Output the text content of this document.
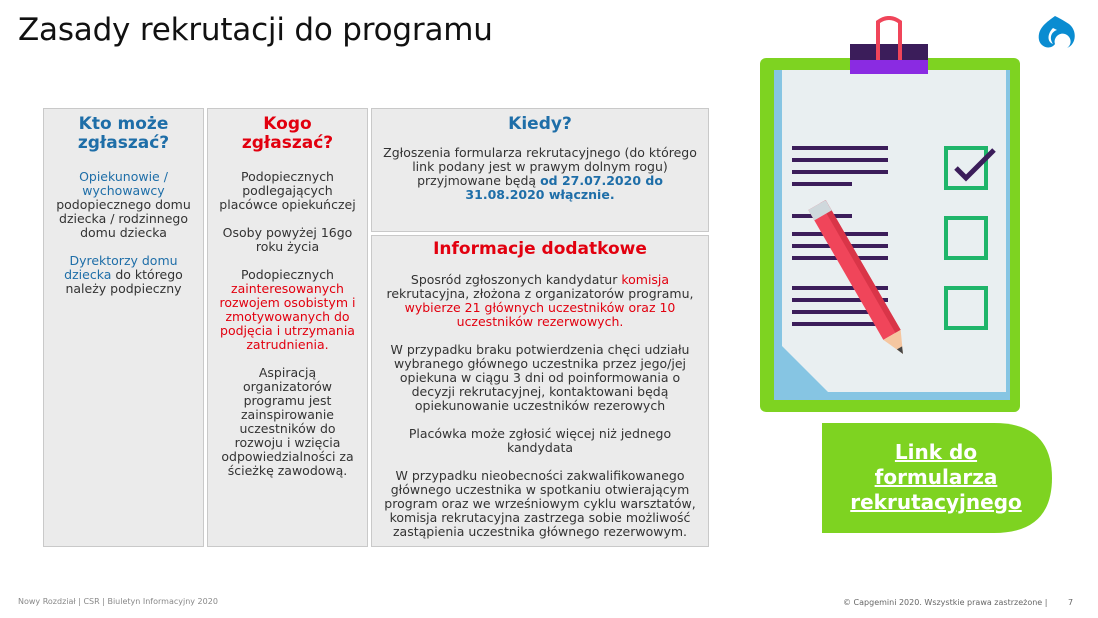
Zasady rekrutacji do programu
Kto może zgłaszać?

Opiekunowie / wychowawcy podopiecznego domu dziecka / rodzinnego domu dziecka

Dyrektorzy domu dziecka do którego należy podpieczny

Kogo zgłaszać?

Podopiecznych podlegających placówce opiekuńczej

Osoby powyżej 16go roku życia

Podopiecznych zainteresowanych rozwojem osobistym i zmotywowanych do podjęcia i utrzymania zatrudnienia.

Aspiracją organizatorów programu jest zainspirowanie uczestników do rozwoju i wzięcia odpowiedzialności za ścieżkę zawodową.

Kiedy?

Zgłoszenia formularza rekrutacyjnego (do którego link podany jest w prawym dolnym rogu) przyjmowane będą od 27.07.2020 do 31.08.2020 włącznie.

Informacje dodatkowe

Sposród zgłoszonych kandydatur komisja rekrutacyjna, złożona z organizatorów programu, wybierze 21 głównych uczestników oraz 10 uczestników rezerwowych.

W przypadku braku potwierdzenia chęci udziału wybranego głównego uczestnika przez jego/jej opiekuna w ciągu 3 dni od poinformowania o decyzji rekrutacyjnej, kontaktowani będą opiekunowanie uczestników rezerowych

Placówka może zgłosić więcej niż jednego kandydata

W przypadku nieobecności zakwalifikowanego głównego uczestnika w spotkaniu otwierającym program oraz we wrześniowym cyklu warsztatów, komisja rekrutacyjna zastrzega sobie możliwość zastąpienia uczestnika głównego rezerwowym.

Link do formularza rekrutacyjnego
Nowy Rozdział | CSR | Biuletyn Informacyjny 2020	© Capgemini 2020. Wszystkie prawa zastrzeżone |	7
